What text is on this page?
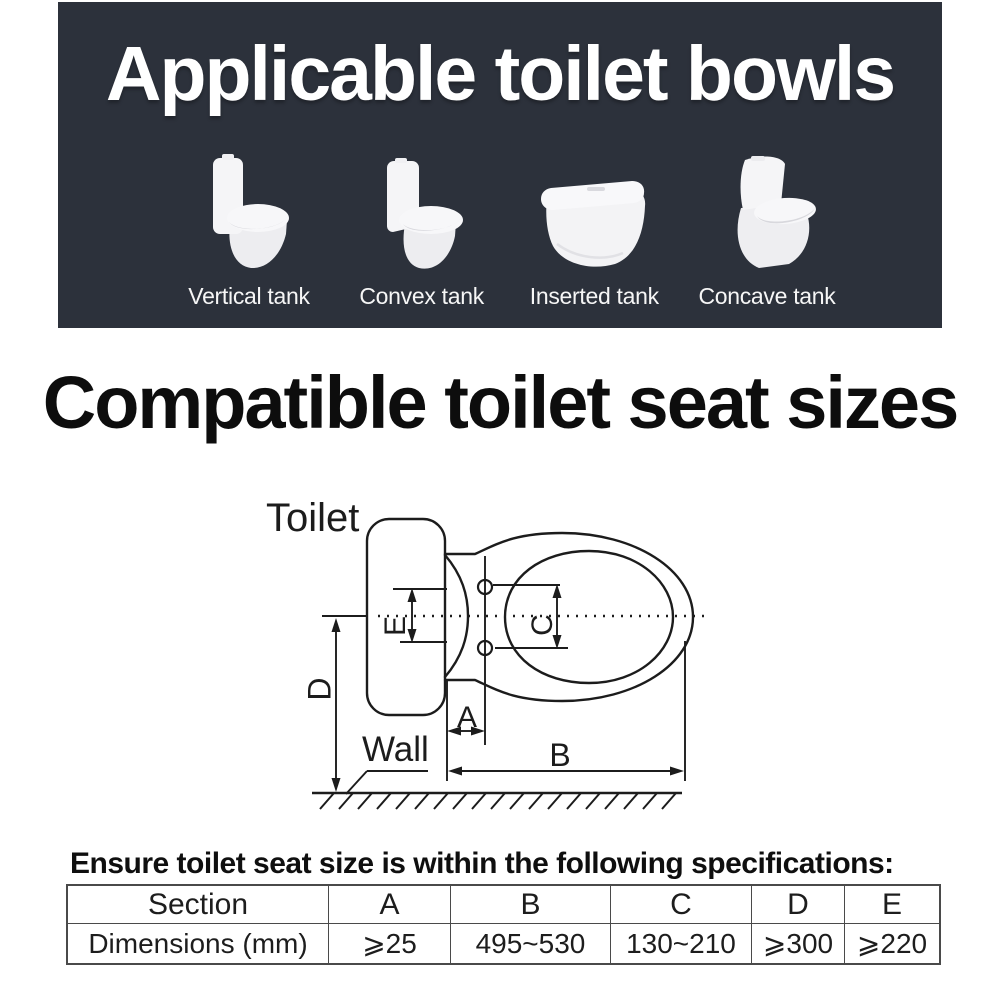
Applicable toilet bowls
Vertical tank Convex tank Inserted tank Concave tank
Compatible toilet seat sizes
Toilet
Wall
A
B
C
D
E
Ensure toilet seat size is within the following specifications:
Section	A	B	C	D	E
Dimensions (mm)	⩾25	495~530	130~210	⩾300	⩾220
